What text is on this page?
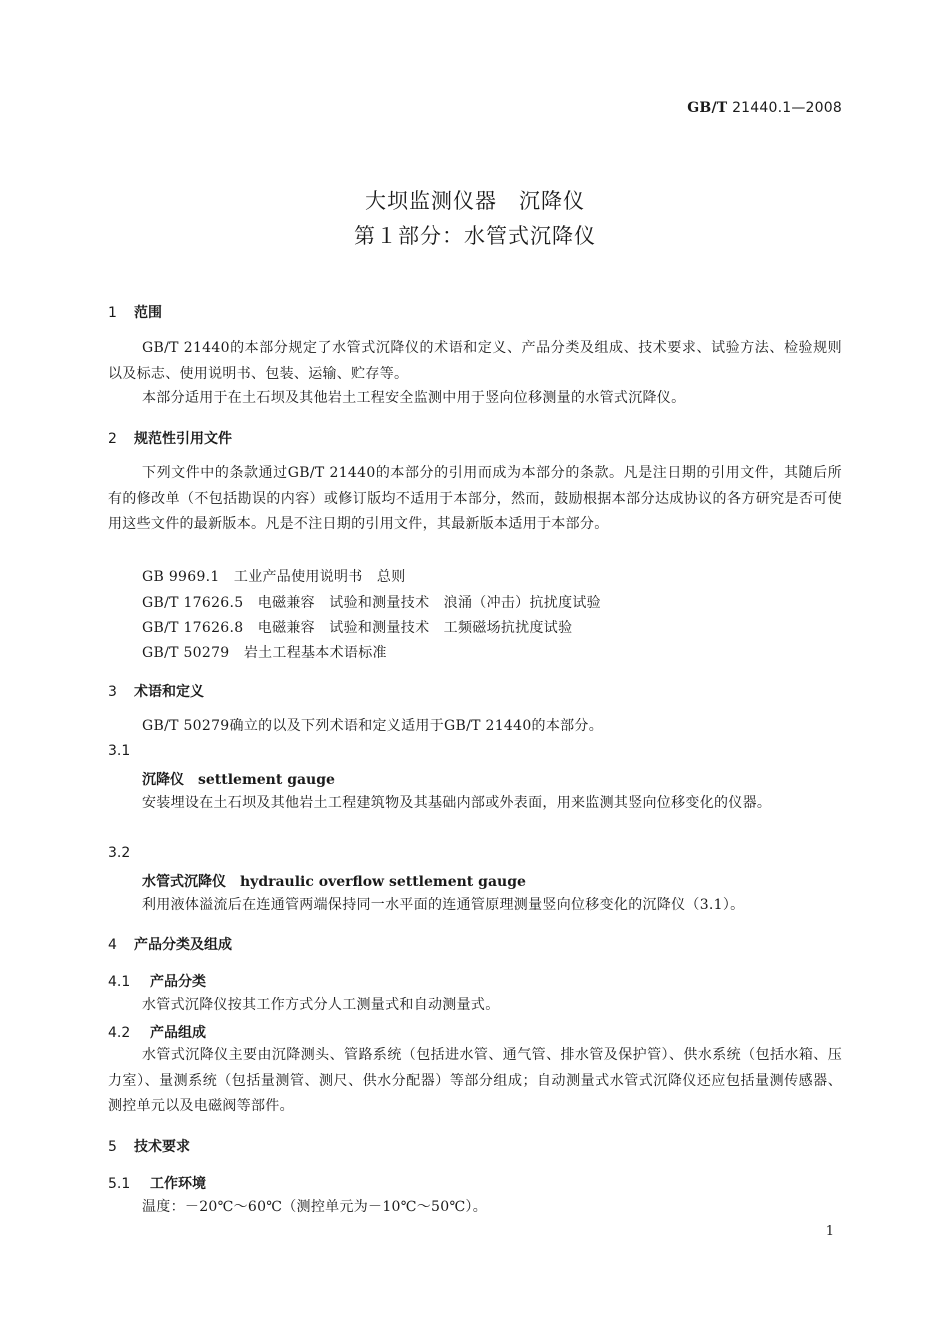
GB/T 21440.1—2008
大坝监测仪器　沉降仪
第１部分：水管式沉降仪
1 范围
GB/T 21440的本部分规定了水管式沉降仪的术语和定义、产品分类及组成、技术要求、试验方法、检验规则以及标志、使用说明书、包装、运输、贮存等。
本部分适用于在土石坝及其他岩土工程安全监测中用于竖向位移测量的水管式沉降仪。
2 规范性引用文件
下列文件中的条款通过GB/T 21440的本部分的引用而成为本部分的条款。凡是注日期的引用文件，其随后所有的修改单（不包括勘误的内容）或修订版均不适用于本部分，然而，鼓励根据本部分达成协议的各方研究是否可使用这些文件的最新版本。凡是不注日期的引用文件，其最新版本适用于本部分。
GB 9969.1　工业产品使用说明书　总则
GB/T 17626.5　电磁兼容　试验和测量技术　浪涌（冲击）抗扰度试验
GB/T 17626.8　电磁兼容　试验和测量技术　工频磁场抗扰度试验
GB/T 50279　岩土工程基本术语标准
3 术语和定义
GB/T 50279确立的以及下列术语和定义适用于GB/T 21440的本部分。
3.1
沉降仪 settlement gauge
安装埋设在土石坝及其他岩土工程建筑物及其基础内部或外表面，用来监测其竖向位移变化的仪器。
3.2
水管式沉降仪 hydraulic overflow settlement gauge
利用液体溢流后在连通管两端保持同一水平面的连通管原理测量竖向位移变化的沉降仪（3.1）。
4 产品分类及组成
4.1 产品分类
水管式沉降仪按其工作方式分人工测量式和自动测量式。
4.2 产品组成
水管式沉降仪主要由沉降测头、管路系统（包括进水管、通气管、排水管及保护管）、供水系统（包括水箱、压力室）、量测系统（包括量测管、测尺、供水分配器）等部分组成；自动测量式水管式沉降仪还应包括量测传感器、测控单元以及电磁阀等部件。
5 技术要求
5.1 工作环境
温度：－20℃～60℃（测控单元为－10℃～50℃）。
1
